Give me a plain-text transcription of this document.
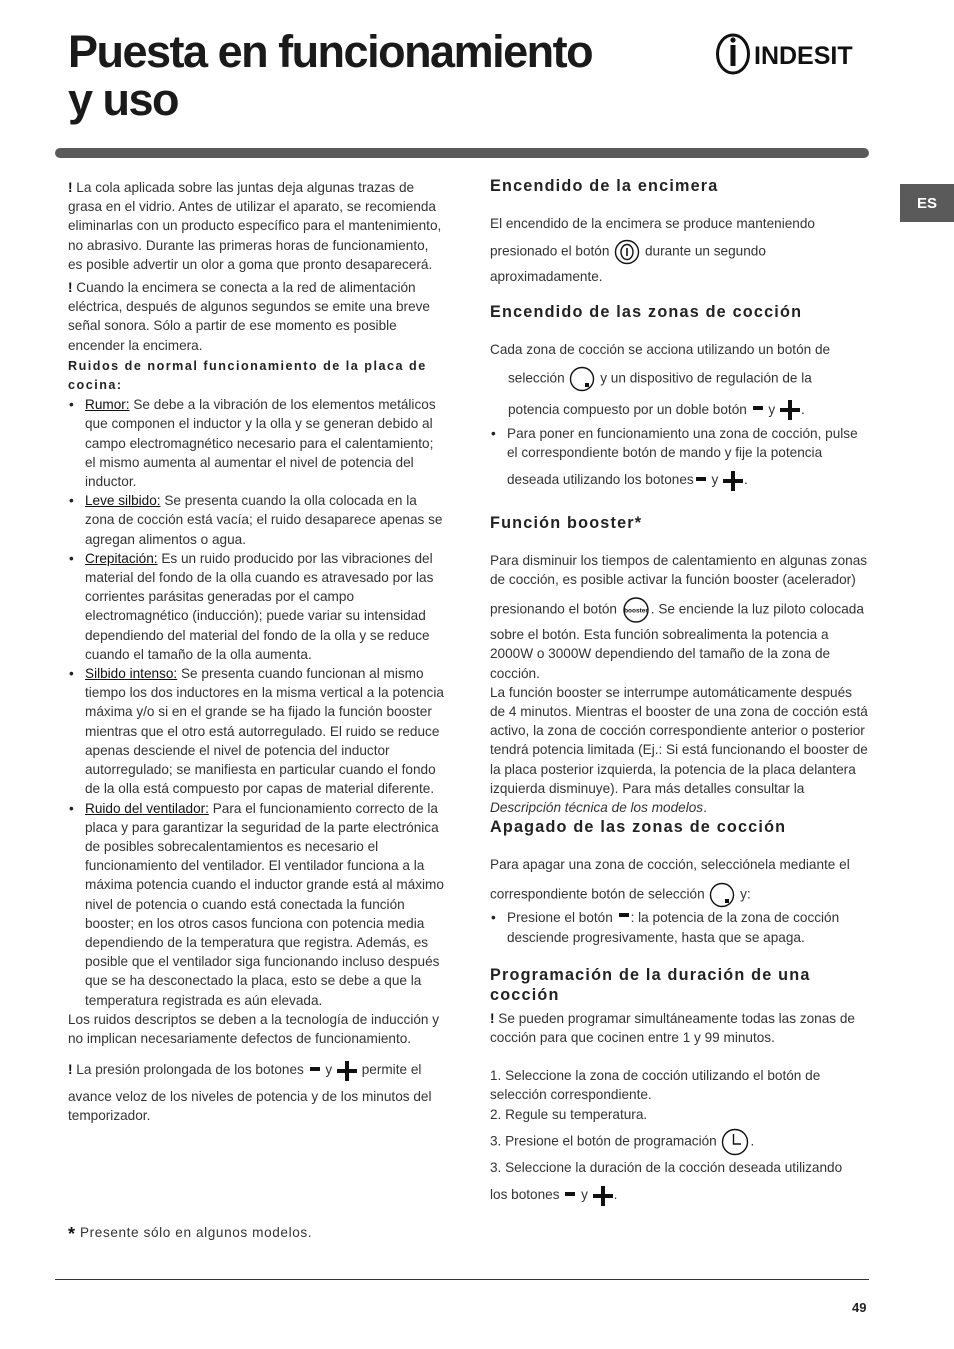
Puesta en funcionamiento
y uso
INDESIT
ES

! La cola aplicada sobre las juntas deja algunas trazas de grasa en el vidrio. Antes de utilizar el aparato, se recomienda eliminarlas con un producto específico para el mantenimiento, no abrasivo. Durante las primeras horas de funcionamiento, es posible advertir un olor a goma que pronto desaparecerá.

! Cuando la encimera se conecta a la red de alimentación eléctrica, después de algunos segundos se emite una breve señal sonora. Sólo a partir de ese momento es posible encender la encimera.

Ruidos de normal funcionamiento de la placa de cocina:

• Rumor: Se debe a la vibración de los elementos metálicos que componen el inductor y la olla y se generan debido al campo electromagnético necesario para el calentamiento; el mismo aumenta al aumentar el nivel de potencia del inductor.
• Leve silbido: Se presenta cuando la olla colocada en la zona de cocción está vacía; el ruido desaparece apenas se agregan alimentos o agua.
• Crepitación: Es un ruido producido por las vibraciones del material del fondo de la olla cuando es atravesado por las corrientes parásitas generadas por el campo electromagnético (inducción); puede variar su intensidad dependiendo del material del fondo de la olla y se reduce cuando el tamaño de la olla aumenta.
• Silbido intenso: Se presenta cuando funcionan al mismo tiempo los dos inductores en la misma vertical a la potencia máxima y/o si en el grande se ha fijado la función booster mientras que el otro está autorregulado. El ruido se reduce apenas desciende el nivel de potencia del inductor autorregulado; se manifiesta en particular cuando el fondo de la olla está compuesto por capas de material diferente.
• Ruido del ventilador: Para el funcionamiento correcto de la placa y para garantizar la seguridad de la parte electrónica de posibles sobrecalentamientos es necesario el funcionamiento del ventilador. El ventilador funciona a la máxima potencia cuando el inductor grande está al máximo nivel de potencia o cuando está conectada la función booster; en los otros casos funciona con potencia media dependiendo de la temperatura que registra. Además, es posible que el ventilador siga funcionando incluso después que se ha desconectado la placa, esto se debe a que la temperatura registrada es aún elevada.

Los ruidos descriptos se deben a la tecnología de inducción y no implican necesariamente defectos de funcionamiento.

! La presión prolongada de los botones  y  permite el

avance veloz de los niveles de potencia y de los minutos del temporizador.

Encendido de la encimera

El encendido de la encimera se produce manteniendo

presionado el botón  durante un segundo

aproximadamente.

Encendido de las zonas de cocción

Cada zona de cocción se acciona utilizando un botón de

selección  y un dispositivo de regulación de la

potencia compuesto por un doble botón  y .

• Para poner en funcionamiento una zona de cocción, pulse el correspondiente botón de mando y fije la potencia
deseada utilizando los botones y .
Función booster*

Para disminuir los tiempos de calentamiento en algunas zonas de cocción, es posible activar la función booster (acelerador)

presionando el botón booster . Se enciende la luz piloto colocada

sobre el botón. Esta función sobrealimenta la potencia a 2000W o 3000W dependiendo del tamaño de la zona de cocción.

La función booster se interrumpe automáticamente después de 4 minutos. Mientras el booster de una zona de cocción está activo, la zona de cocción correspondiente anterior o posterior tendrá potencia limitada (Ej.: Si está funcionando el booster de la placa posterior izquierda, la potencia de la placa delantera izquierda disminuye). Para más detalles consultar la Descripción técnica de los modelos.

Apagado de las zonas de cocción

Para apagar una zona de cocción, selecciónela mediante el

correspondiente botón de selección  y:

• Presione el botón : la potencia de la zona de cocción desciende progresivamente, hasta que se apaga.
Programación de la duración de una cocción

! Se pueden programar simultáneamente todas las zonas de cocción para que cocinen entre 1 y 99 minutos.

1. Seleccione la zona de cocción utilizando el botón de selección correspondiente.

2. Regule su temperatura.

3. Presione el botón de programación .

3. Seleccione la duración de la cocción deseada utilizando

los botones  y .

* Presente sólo en algunos modelos.
49
